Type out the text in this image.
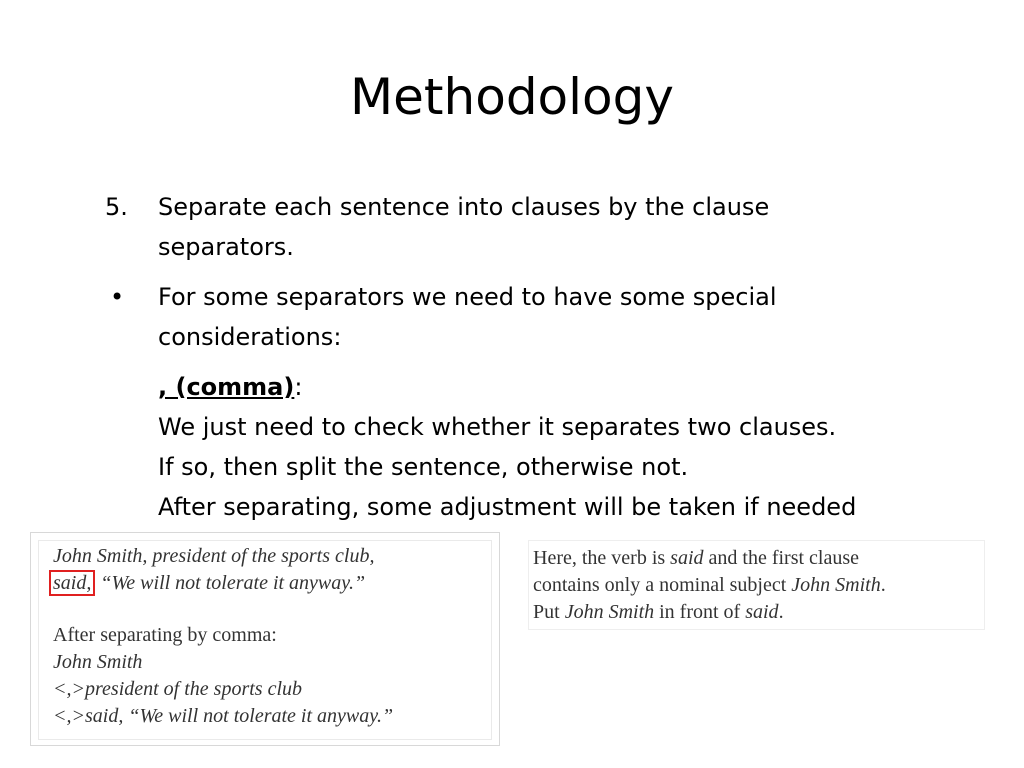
Methodology
5. Separate each sentence into clauses by the clause
separators.
• For some separators we need to have some special
considerations:
, (comma):
We just need to check whether it separates two clauses.
If so, then split the sentence, otherwise not.
After separating, some adjustment will be taken if needed
John Smith, president of the sports club,
said, “We will not tolerate it anyway.”
After separating by comma:
John Smith
<,>president of the sports club
<,>said, “We will not tolerate it anyway.”
Here, the verb is said and the first clause
contains only a nominal subject John Smith.
Put John Smith in front of said.
